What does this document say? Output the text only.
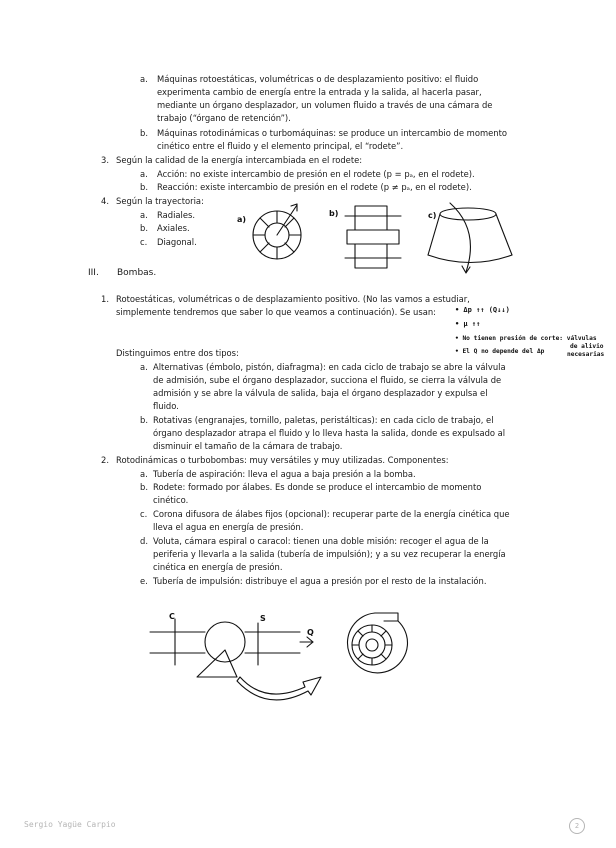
a. Máquinas rotoestáticas, volumétricas o de desplazamiento positivo: el fluido
experimenta cambio de energía entre la entrada y la salida, al hacerla pasar,
mediante un órgano desplazador, un volumen fluido a través de una cámara de
trabajo (“órgano de retención”).
b. Máquinas rotodinámicas o turbomáquinas: se produce un intercambio de momento
cinético entre el fluido y el elemento principal, el “rodete”.
3. Según la calidad de la energía intercambiada en el rodete:
a. Acción: no existe intercambio de presión en el rodete (p = pₐ, en el rodete).
b. Reacción: existe intercambio de presión en el rodete (p ≠ pₐ, en el rodete).
4. Según la trayectoria:
a. Radiales.
b. Axiales.
c. Diagonal.
a)
b)	c)
III. Bombas.
1. Rotoestáticas, volumétricas o de desplazamiento positivo. (No las vamos a estudiar,
simplemente tendremos que saber lo que veamos a continuación). Se usan:	• Δp ↑↑ (Q↓↓)
• μ ↑↑
• No tienen presión de corte: válvulas
• El Q no depende del Δp
de alivio
necesarias
Distinguimos entre dos tipos:
a. Alternativas (émbolo, pistón, diafragma): en cada ciclo de trabajo se abre la válvula
de admisión, sube el órgano desplazador, succiona el fluido, se cierra la válvula de
admisión y se abre la válvula de salida, baja el órgano desplazador y expulsa el
fluido.
b. Rotativas (engranajes, tornillo, paletas, peristálticas): en cada ciclo de trabajo, el
órgano desplazador atrapa el fluido y lo lleva hasta la salida, donde es expulsado al
disminuir el tamaño de la cámara de trabajo.
2. Rotodinámicas o turbobombas: muy versátiles y muy utilizadas. Componentes:
a. Tubería de aspiración: lleva el agua a baja presión a la bomba.
b. Rodete: formado por álabes. Es donde se produce el intercambio de momento
cinético.
c. Corona difusora de álabes fijos (opcional): recuperar parte de la energía cinética que
lleva el agua en energía de presión.
d. Voluta, cámara espiral o caracol: tienen una doble misión: recoger el agua de la
periferia y llevarla a la salida (tubería de impulsión); y a su vez recuperar la energía
cinética en energía de presión.
e. Tubería de impulsión: distribuye el agua a presión por el resto de la instalación.
C	S
Q
Sergio Yagüe Carpio	2
